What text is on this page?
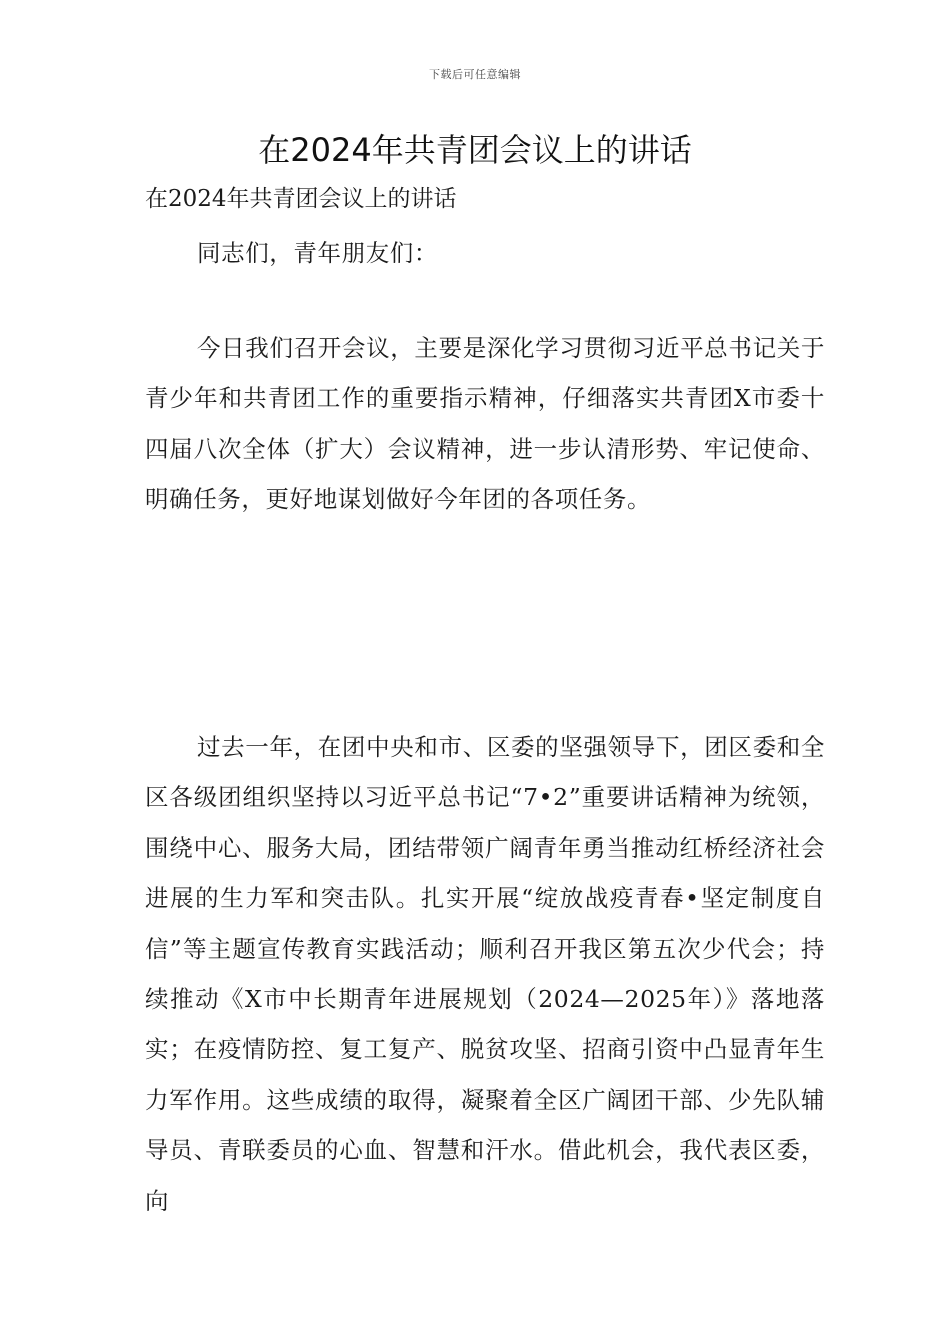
下载后可任意编辑
在2024年共青团会议上的讲话

在2024年共青团会议上的讲话

同志们，青年朋友们：

今日我们召开会议，主要是深化学习贯彻习近平总书记关于青少年和共青团工作的重要指示精神，仔细落实共青团X市委十四届八次全体（扩大）会议精神，进一步认清形势、牢记使命、明确任务，更好地谋划做好今年团的各项任务。

过去一年，在团中央和市、区委的坚强领导下，团区委和全区各级团组织坚持以习近平总书记“7•2”重要讲话精神为统领，围绕中心、服务大局，团结带领广阔青年勇当推动红桥经济社会进展的生力军和突击队。扎实开展“绽放战疫青春•坚定制度自信”等主题宣传教育实践活动；顺利召开我区第五次少代会；持续推动《X市中长期青年进展规划（2024—2025年）》落地落实；在疫情防控、复工复产、脱贫攻坚、招商引资中凸显青年生力军作用。这些成绩的取得，凝聚着全区广阔团干部、少先队辅导员、青联委员的心血、智慧和汗水。借此机会，我代表区委，向
